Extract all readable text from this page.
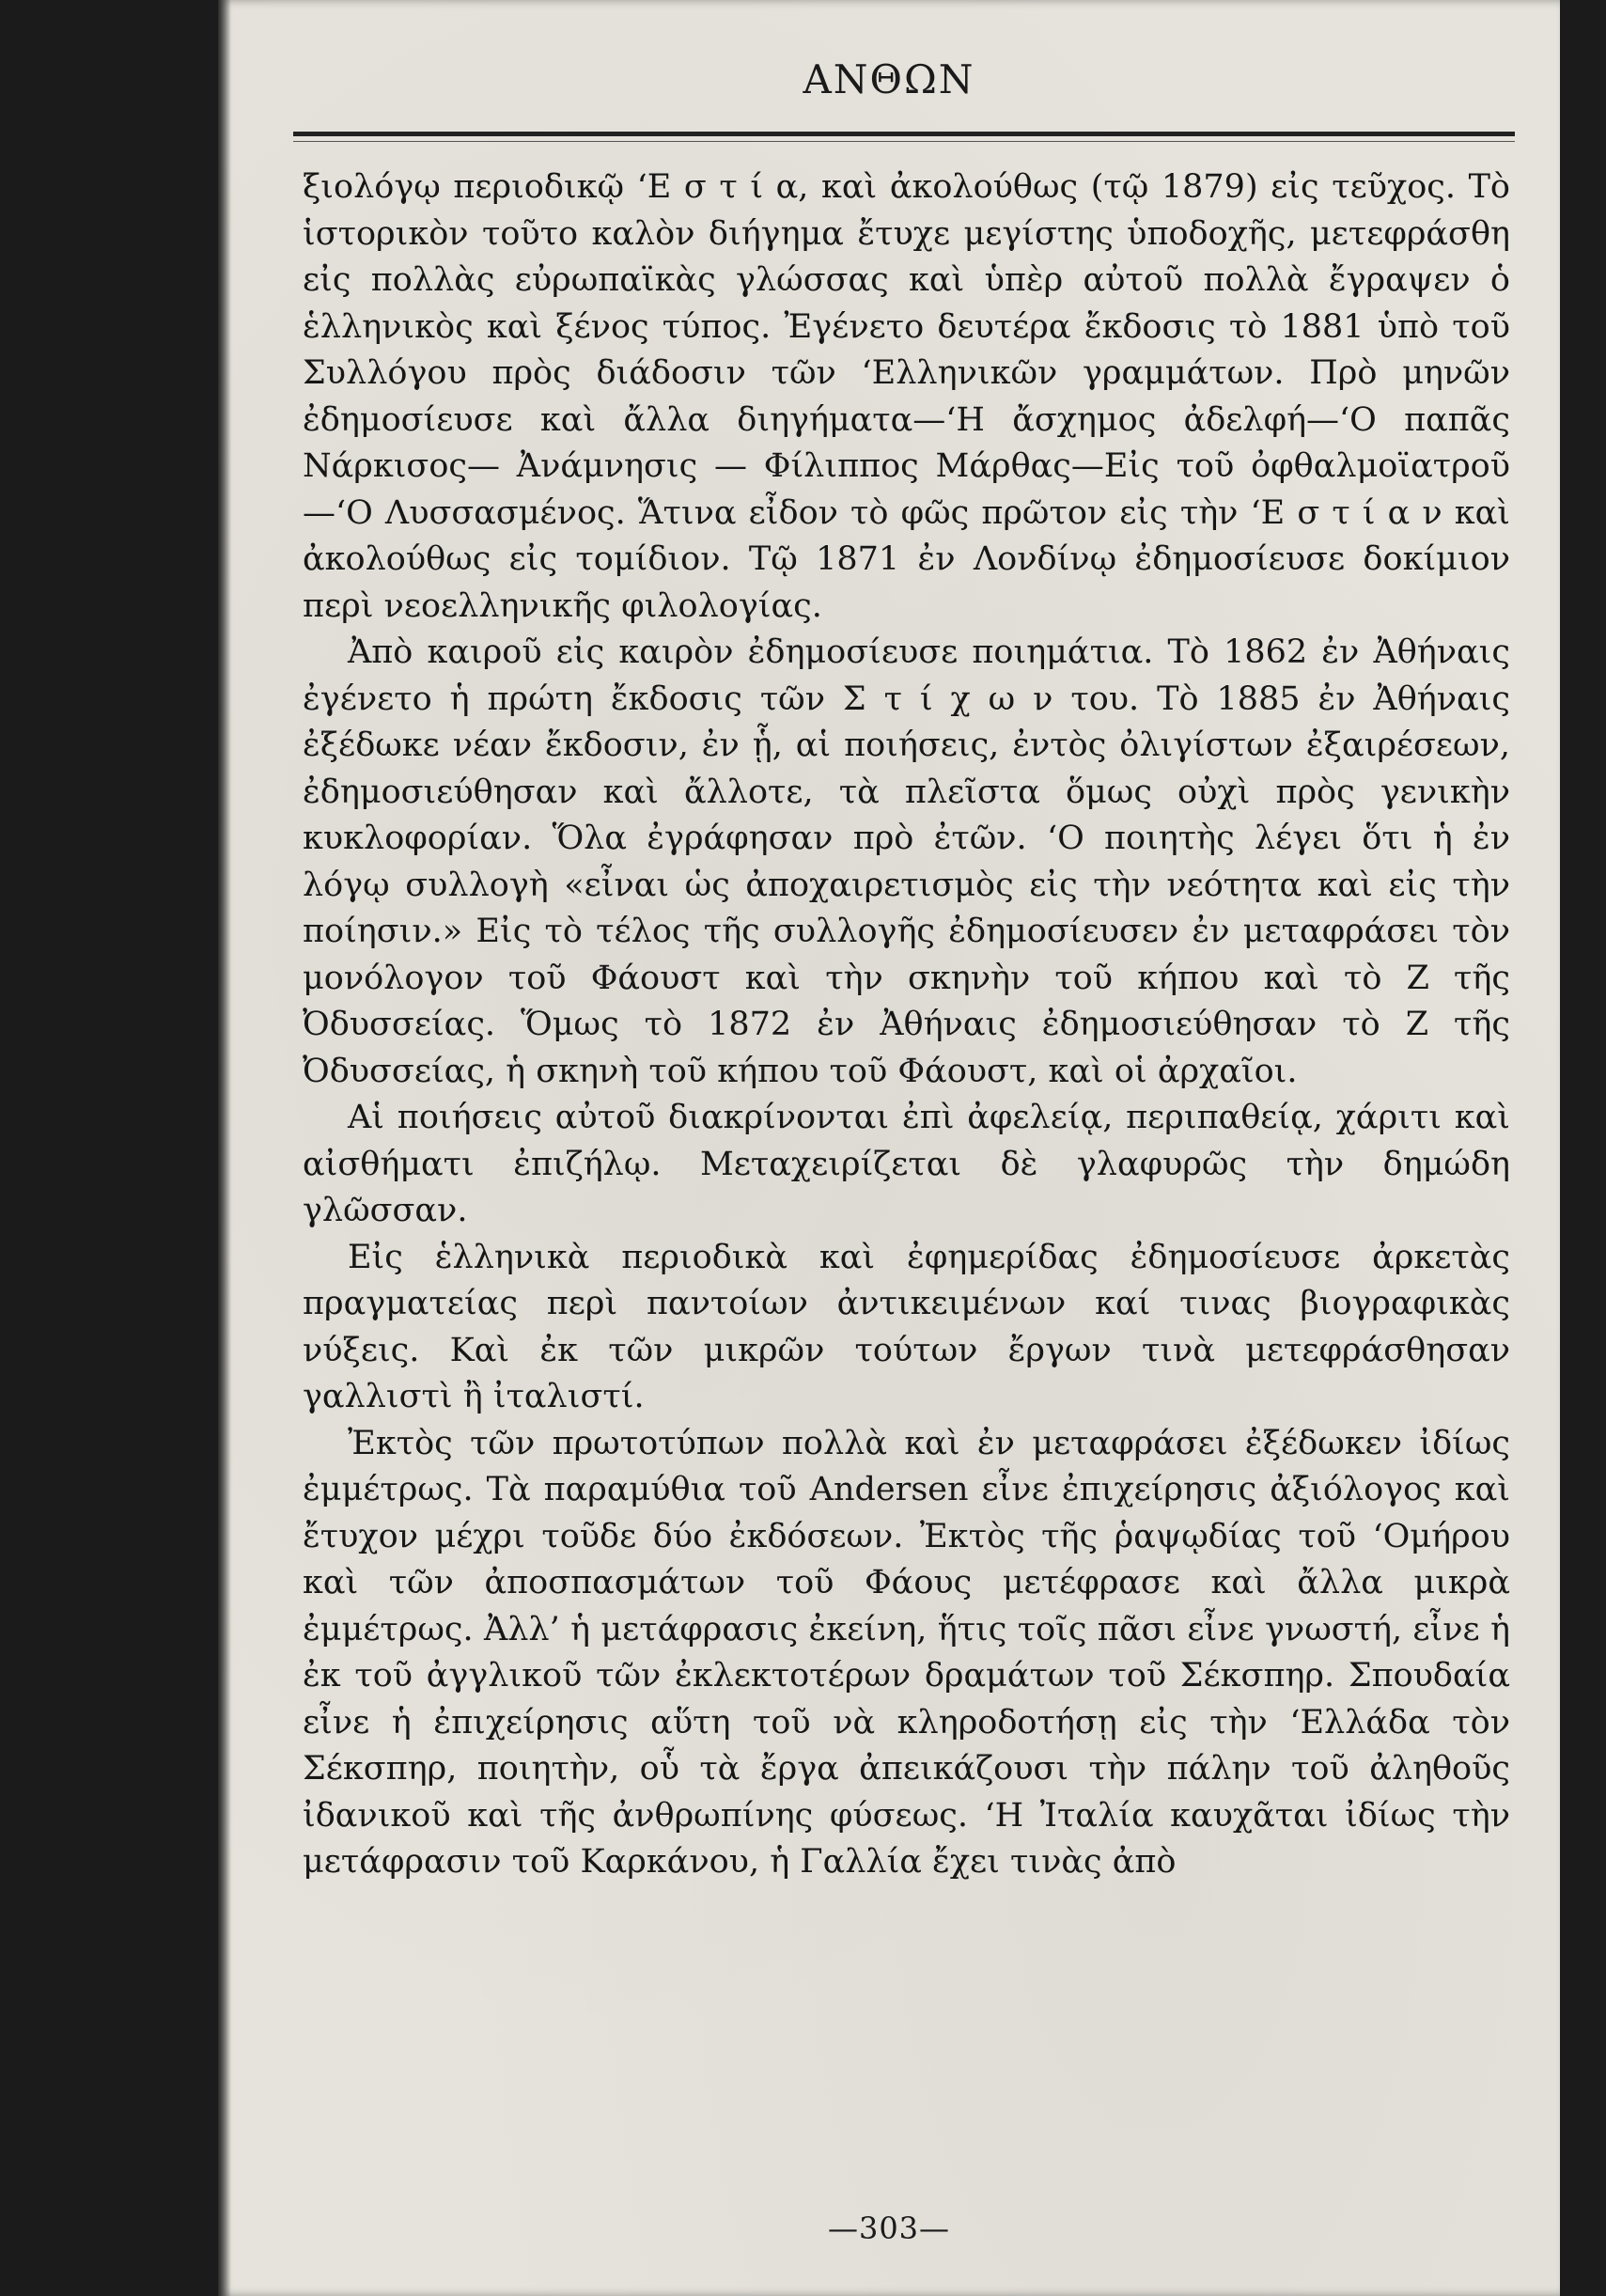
ΑΝΘΩΝ

ξιολόγῳ περιοδικῷ ‘Ε σ τ ί α, καὶ ἀκολούθως (τῷ 1879) εἰς τεῦχος. Τὸ ἱστορικὸν τοῦτο καλὸν διήγημα ἔτυχε μεγίστης ὑποδοχῆς, μετεφράσθη εἰς πολλὰς εὐρωπαϊκὰς γλώσσας καὶ ὑπὲρ αὐτοῦ πολλὰ ἔγραψεν ὁ ἑλληνικὸς καὶ ξένος τύπος. Ἐγένετο δευτέρα ἔκδοσις τὸ 1881 ὑπὸ τοῦ Συλλόγου πρὸς διάδοσιν τῶν ‘Ελληνικῶν γραμμάτων. Πρὸ μηνῶν ἐδημοσίευσε καὶ ἄλλα διηγήματα—‘Η ἄσχημος ἀδελφή—‘Ο παπᾶς Νάρκισος— Ἀνάμνησις — Φίλιππος Μάρθας—Εἰς τοῦ ὀφθαλμοϊατροῦ—‘Ο Λυσσασμένος. Ἅτινα εἶδον τὸ φῶς πρῶτον εἰς τὴν ‘Ε σ τ ί α ν καὶ ἀκολούθως εἰς τομίδιον. Τῷ 1871 ἐν Λονδίνῳ ἐδημοσίευσε δοκίμιον περὶ νεοελληνικῆς φιλολογίας.

Ἀπὸ καιροῦ εἰς καιρὸν ἐδημοσίευσε ποιημάτια. Τὸ 1862 ἐν Ἀθήναις ἐγένετο ἡ πρώτη ἔκδοσις τῶν Σ τ ί χ ω ν του. Τὸ 1885 ἐν Ἀθήναις ἐξέδωκε νέαν ἔκδοσιν, ἐν ᾗ, αἱ ποιήσεις, ἐντὸς ὀλιγίστων ἐξαιρέσεων, ἐδημοσιεύθησαν καὶ ἄλλοτε, τὰ πλεῖστα ὅμως οὐχὶ πρὸς γενικὴν κυκλοφορίαν. Ὅλα ἐγράφησαν πρὸ ἐτῶν. ‘Ο ποιητὴς λέγει ὅτι ἡ ἐν λόγῳ συλλογὴ «εἶναι ὡς ἀποχαιρετισμὸς εἰς τὴν νεότητα καὶ εἰς τὴν ποίησιν.» Εἰς τὸ τέλος τῆς συλλογῆς ἐδημοσίευσεν ἐν μεταφράσει τὸν μονόλογον τοῦ Φάουστ καὶ τὴν σκηνὴν τοῦ κήπου καὶ τὸ Ζ τῆς Ὀδυσσείας. Ὅμως τὸ 1872 ἐν Ἀθήναις ἐδημοσιεύθησαν τὸ Ζ τῆς Ὀδυσσείας, ἡ σκηνὴ τοῦ κήπου τοῦ Φάουστ, καὶ οἱ ἀρχαῖοι.

Αἱ ποιήσεις αὐτοῦ διακρίνονται ἐπὶ ἀφελείᾳ, περιπαθείᾳ, χάριτι καὶ αἰσθήματι ἐπιζήλῳ. Μεταχειρίζεται δὲ γλαφυρῶς τὴν δημώδη γλῶσσαν.

Εἰς ἑλληνικὰ περιοδικὰ καὶ ἐφημερίδας ἐδημοσίευσε ἀρκετὰς πραγματείας περὶ παντοίων ἀντικειμένων καί τινας βιογραφικὰς νύξεις. Καὶ ἐκ τῶν μικρῶν τούτων ἔργων τινὰ μετεφράσθησαν γαλλιστὶ ἢ ἰταλιστί.

Ἐκτὸς τῶν πρωτοτύπων πολλὰ καὶ ἐν μεταφράσει ἐξέδωκεν ἰδίως ἐμμέτρως. Τὰ παραμύθια τοῦ Andersen εἶνε ἐπιχείρησις ἀξιόλογος καὶ ἔτυχον μέχρι τοῦδε δύο ἐκδόσεων. Ἐκτὸς τῆς ῥαψῳδίας τοῦ ‘Ομήρου καὶ τῶν ἀποσπασμάτων τοῦ Φάους μετέφρασε καὶ ἄλλα μικρὰ ἐμμέτρως. Ἀλλ’ ἡ μετάφρασις ἐκείνη, ἥτις τοῖς πᾶσι εἶνε γνωστή, εἶνε ἡ ἐκ τοῦ ἀγγλικοῦ τῶν ἐκλεκτοτέρων δραμάτων τοῦ Σέκσπηρ. Σπουδαία εἶνε ἡ ἐπιχείρησις αὕτη τοῦ νὰ κληροδοτήσῃ εἰς τὴν ‘Ελλάδα τὸν Σέκσπηρ, ποιητὴν, οὗ τὰ ἔργα ἀπεικάζουσι τὴν πάλην τοῦ ἀληθοῦς ἰδανικοῦ καὶ τῆς ἀνθρωπίνης φύσεως. ‘Η Ἰταλία καυχᾶται ἰδίως τὴν μετάφρασιν τοῦ Καρκάνου, ἡ Γαλλία ἔχει τινὰς ἀπὸ

—303—
